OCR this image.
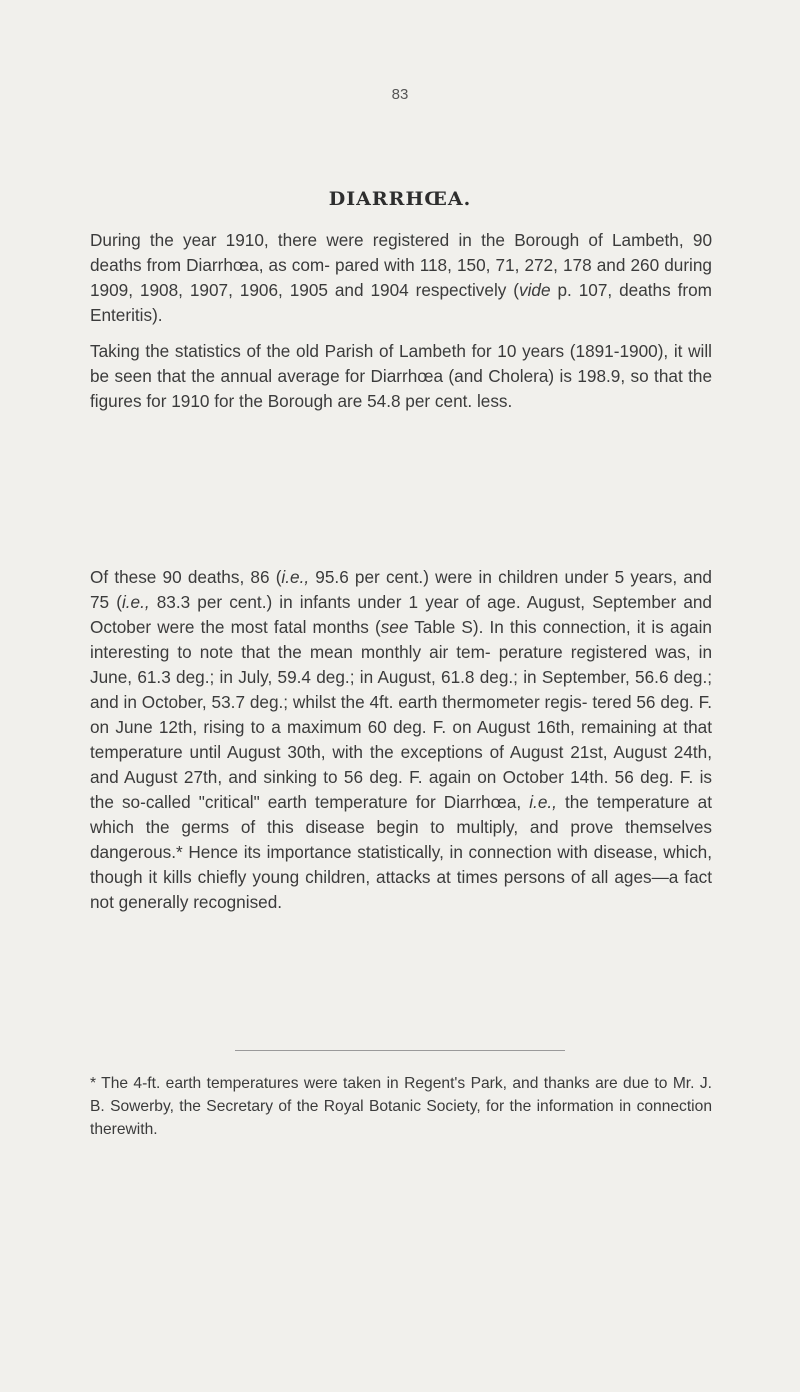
83
DIARRHŒA.

During the year 1910, there were registered in the Borough of Lambeth, 90 deaths from Diarrhœa, as com- pared with 118, 150, 71, 272, 178 and 260 during 1909, 1908, 1907, 1906, 1905 and 1904 respectively (vide p. 107, deaths from Enteritis).

Taking the statistics of the old Parish of Lambeth for 10 years (1891-1900), it will be seen that the annual average for Diarrhœa (and Cholera) is 198.9, so that the figures for 1910 for the Borough are 54.8 per cent. less.

Of these 90 deaths, 86 (i.e., 95.6 per cent.) were in children under 5 years, and 75 (i.e., 83.3 per cent.) in infants under 1 year of age. August, September and October were the most fatal months (see Table S). In this connection, it is again interesting to note that the mean monthly air tem- perature registered was, in June, 61.3 deg.; in July, 59.4 deg.; in August, 61.8 deg.; in September, 56.6 deg.; and in October, 53.7 deg.; whilst the 4ft. earth thermometer regis- tered 56 deg. F. on June 12th, rising to a maximum 60 deg. F. on August 16th, remaining at that temperature until August 30th, with the exceptions of August 21st, August 24th, and August 27th, and sinking to 56 deg. F. again on October 14th. 56 deg. F. is the so-called "critical" earth temperature for Diarrhœa, i.e., the temperature at which the germs of this disease begin to multiply, and prove themselves dangerous.* Hence its importance statistically, in connection with disease, which, though it kills chiefly young children, attacks at times persons of all ages—a fact not generally recognised.

* The 4-ft. earth temperatures were taken in Regent's Park, and thanks are due to Mr. J. B. Sowerby, the Secretary of the Royal Botanic Society, for the information in connection therewith.
